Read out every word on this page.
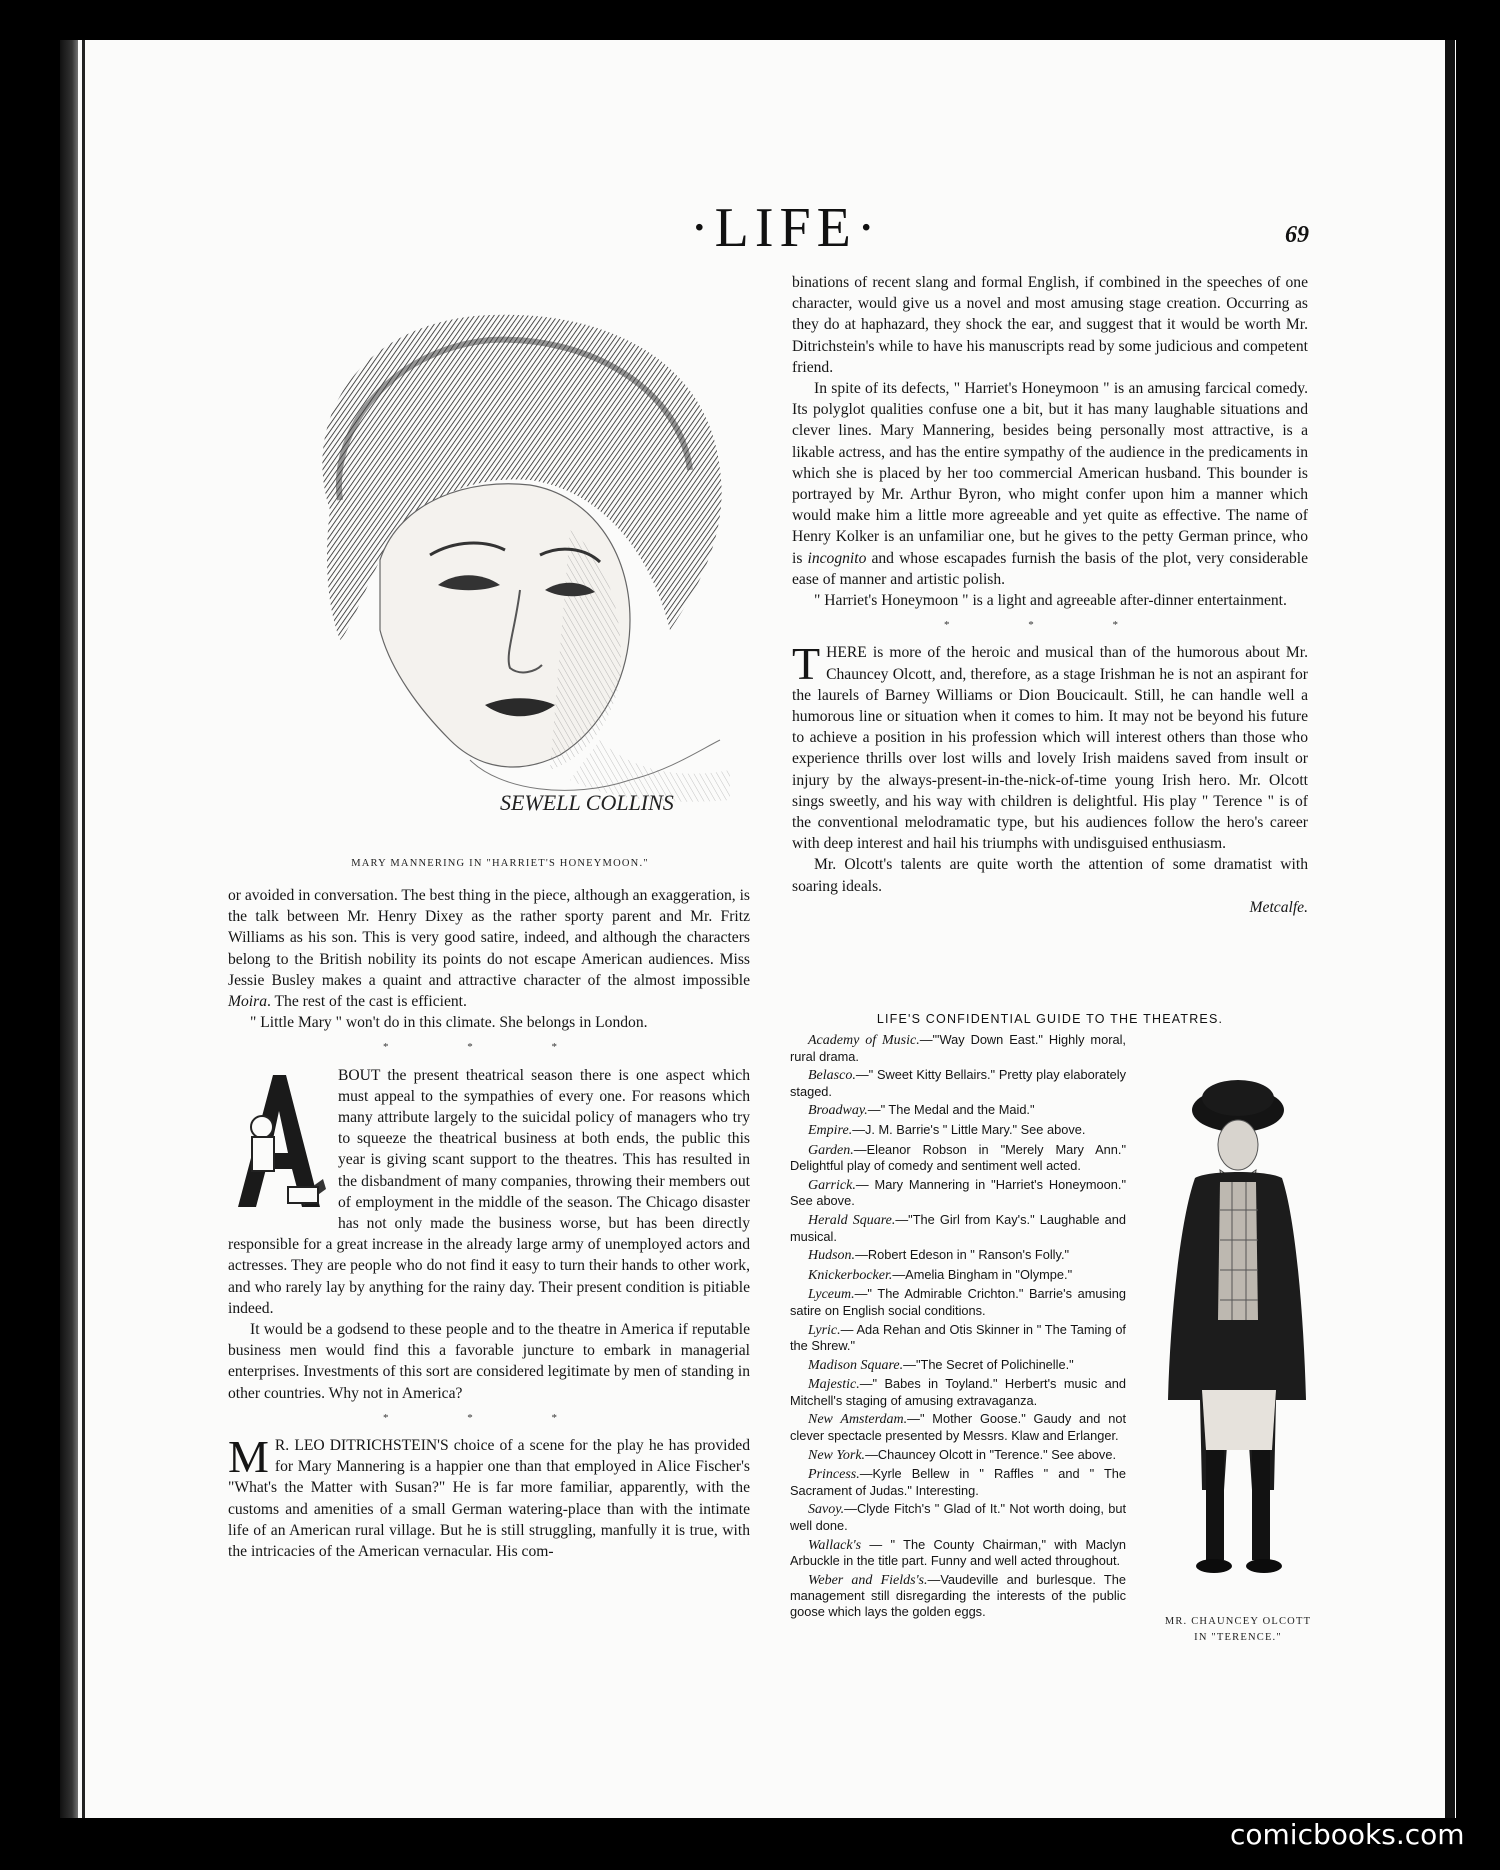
·LIFE·	69
SEWELL COLLINS
MARY MANNERING IN "HARRIET'S HONEYMOON."

or avoided in conversation. The best thing in the piece, although an exaggeration, is the talk between Mr. Henry Dixey as the rather sporty parent and Mr. Fritz Williams as his son. This is very good satire, indeed, and although the characters belong to the British nobility its points do not escape American audiences. Miss Jessie Busley makes a quaint and attractive character of the almost impossible Moira. The rest of the cast is efficient.

" Little Mary " won't do in this climate. She belongs in London.

* * *

BOUT the present theatrical season there is one aspect which must appeal to the sympathies of every one. For reasons which many attribute largely to the suicidal policy of managers who try to squeeze the theatrical business at both ends, the public this year is giving scant support to the theatres. This has resulted in the disbandment of many companies, throwing their members out of employment in the middle of the season. The Chicago disaster has not only made the business worse, but has been directly responsible for a great increase in the already large army of unemployed actors and actresses. They are people who do not find it easy to turn their hands to other work, and who rarely lay by anything for the rainy day. Their present condition is pitiable indeed.

It would be a godsend to these people and to the theatre in America if reputable business men would find this a favorable juncture to embark in managerial enterprises. Investments of this sort are considered legitimate by men of standing in other countries. Why not in America?

* * *

M R. LEO DITRICHSTEIN'S choice of a scene for the play he has provided for Mary Mannering is a happier one than that employed in Alice Fischer's "What's the Matter with Susan?" He is far more familiar, apparently, with the customs and amenities of a small German watering-place than with the intimate life of an American rural village. But he is still struggling, manfully it is true, with the intricacies of the American vernacular. His com-

binations of recent slang and formal English, if combined in the speeches of one character, would give us a novel and most amusing stage creation. Occurring as they do at haphazard, they shock the ear, and suggest that it would be worth Mr. Ditrichstein's while to have his manuscripts read by some judicious and competent friend.

In spite of its defects, " Harriet's Honeymoon " is an amusing farcical comedy. Its polyglot qualities confuse one a bit, but it has many laughable situations and clever lines. Mary Mannering, besides being personally most attractive, is a likable actress, and has the entire sympathy of the audience in the predicaments in which she is placed by her too commercial American husband. This bounder is portrayed by Mr. Arthur Byron, who might confer upon him a manner which would make him a little more agreeable and yet quite as effective. The name of Henry Kolker is an unfamiliar one, but he gives to the petty German prince, who is incognito and whose escapades furnish the basis of the plot, very considerable ease of manner and artistic polish.

" Harriet's Honeymoon " is a light and agreeable after-dinner entertainment.

* * *

THERE is more of the heroic and musical than of the humorous about Mr. Chauncey Olcott, and, therefore, as a stage Irishman he is not an aspirant for the laurels of Barney Williams or Dion Boucicault. Still, he can handle well a humorous line or situation when it comes to him. It may not be beyond his future to achieve a position in his profession which will interest others than those who experience thrills over lost wills and lovely Irish maidens saved from insult or injury by the always-present-in-the-nick-of-time young Irish hero. Mr. Olcott sings sweetly, and his way with children is delightful. His play " Terence " is of the conventional melodramatic type, but his audiences follow the hero's career with deep interest and hail his triumphs with undisguised enthusiasm.

Mr. Olcott's talents are quite worth the attention of some dramatist with soaring ideals.

Metcalfe.
LIFE'S CONFIDENTIAL GUIDE TO THE THEATRES.
Academy of Music.—"'Way Down East." Highly moral, rural drama.
Belasco.—" Sweet Kitty Bellairs." Pretty play elaborately staged.
Broadway.—" The Medal and the Maid."
Empire.—J. M. Barrie's " Little Mary." See above.
Garden.—Eleanor Robson in "Merely Mary Ann." Delightful play of comedy and sentiment well acted.
Garrick.— Mary Mannering in "Harriet's Honeymoon." See above.
Herald Square.—"The Girl from Kay's." Laughable and musical.
Hudson.—Robert Edeson in " Ranson's Folly."
Knickerbocker.—Amelia Bingham in "Olympe."
Lyceum.—" The Admirable Crichton." Barrie's amusing satire on English social conditions.
Lyric.— Ada Rehan and Otis Skinner in " The Taming of the Shrew."
Madison Square.—"The Secret of Polichinelle."
Majestic.—" Babes in Toyland." Herbert's music and Mitchell's staging of amusing extravaganza.
New Amsterdam.—" Mother Goose." Gaudy and not clever spectacle presented by Messrs. Klaw and Erlanger.
New York.—Chauncey Olcott in "Terence." See above.
Princess.—Kyrle Bellew in " Raffles " and " The Sacrament of Judas." Interesting.
Savoy.—Clyde Fitch's " Glad of It." Not worth doing, but well done.
Wallack's — " The County Chairman," with Maclyn Arbuckle in the title part. Funny and well acted throughout.
Weber and Fields's.—Vaudeville and burlesque. The management still disregarding the interests of the public goose which lays the golden eggs.
MR. CHAUNCEY OLCOTT
IN "TERENCE."
comicbooks.com
